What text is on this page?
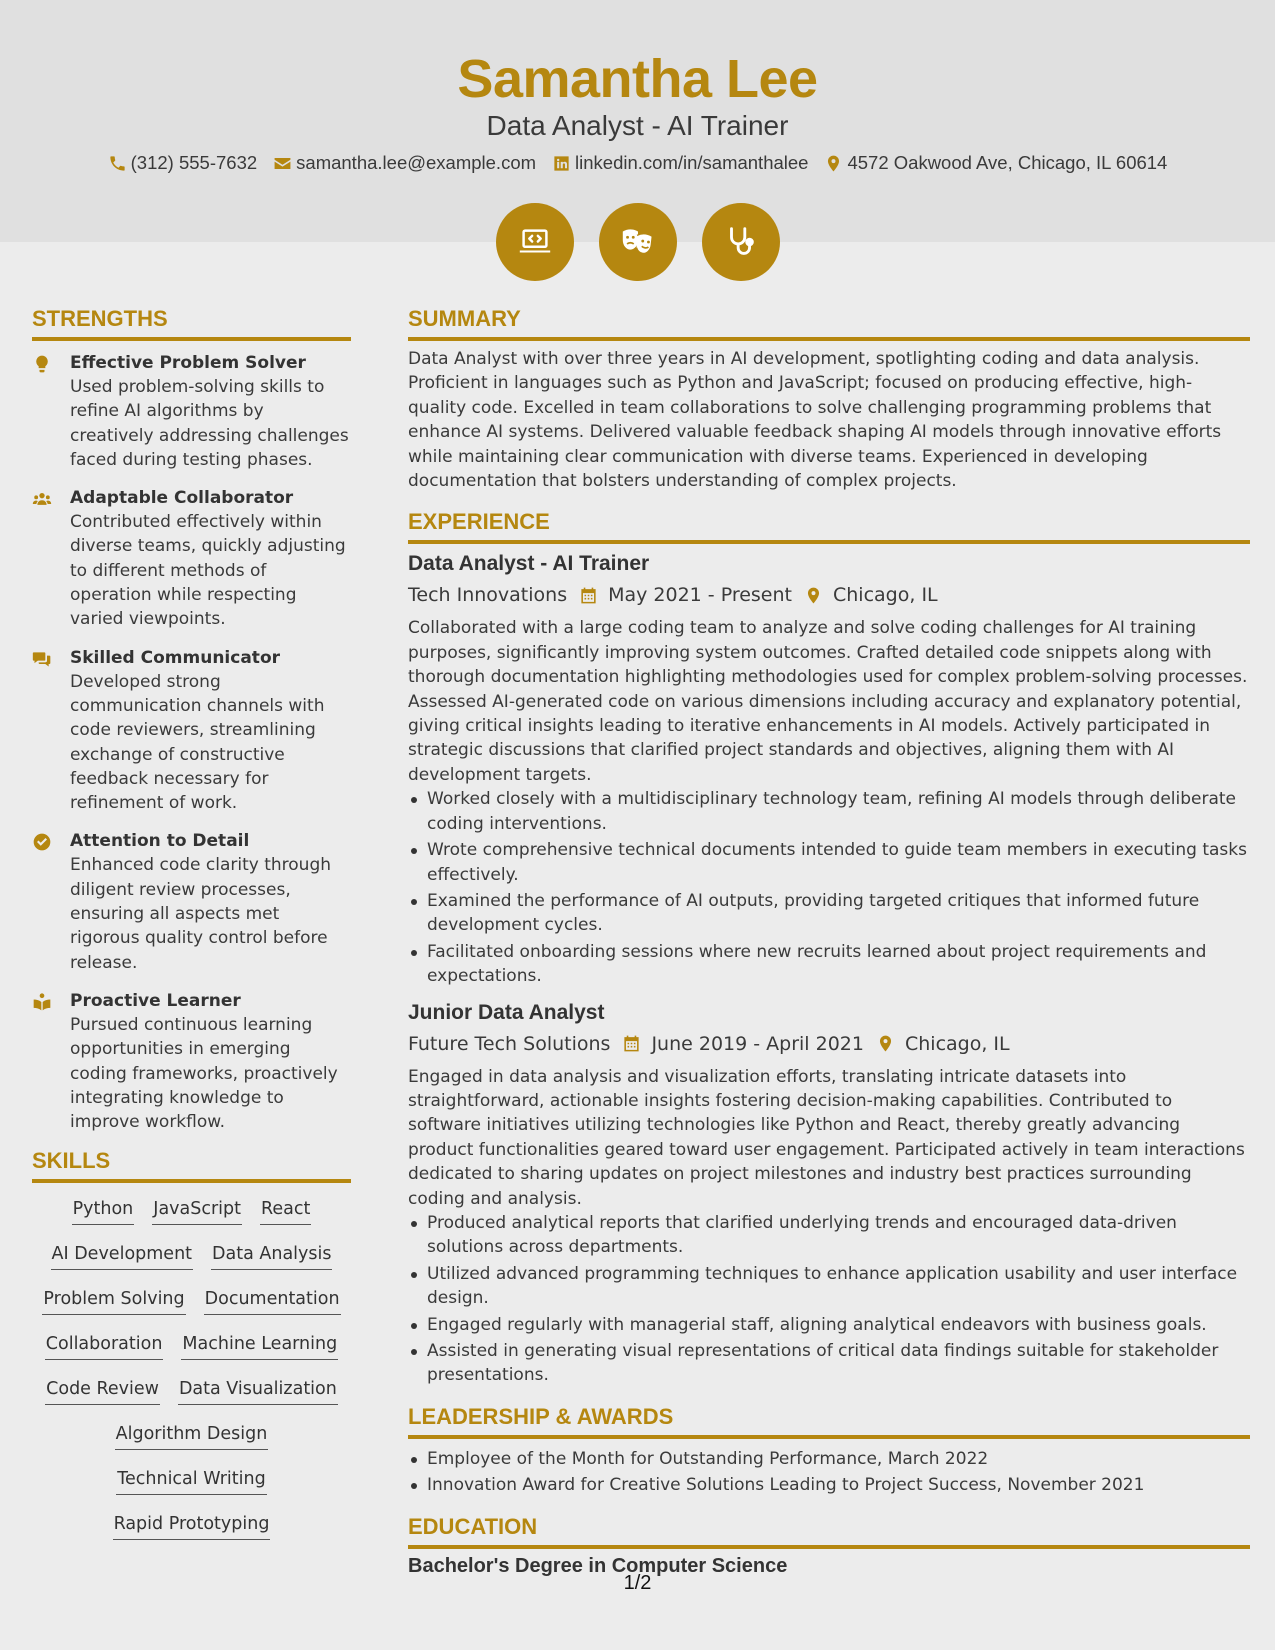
Samantha Lee
Data Analyst - AI Trainer
(312) 555-7632 samantha.lee@example.com linkedin.com/in/samanthalee 4572 Oakwood Ave, Chicago, IL 60614
STRENGTHS
Effective Problem Solver
Used problem-solving skills to refine AI algorithms by creatively addressing challenges faced during testing phases.
Adaptable Collaborator
Contributed effectively within diverse teams, quickly adjusting to different methods of operation while respecting varied viewpoints.
Skilled Communicator
Developed strong communication channels with code reviewers, streamlining exchange of constructive feedback necessary for refinement of work.
Attention to Detail
Enhanced code clarity through diligent review processes, ensuring all aspects met rigorous quality control before release.
Proactive Learner
Pursued continuous learning opportunities in emerging coding frameworks, proactively integrating knowledge to improve workflow.
SKILLS
Python JavaScript React
AI Development Data Analysis
Problem Solving Documentation
Collaboration Machine Learning
Code Review Data Visualization
Algorithm Design
Technical Writing
Rapid Prototyping
SUMMARY
Data Analyst with over three years in AI development, spotlighting coding and data analysis. Proficient in languages such as Python and JavaScript; focused on producing effective, high-quality code. Excelled in team collaborations to solve challenging programming problems that enhance AI systems. Delivered valuable feedback shaping AI models through innovative efforts while maintaining clear communication with diverse teams. Experienced in developing documentation that bolsters understanding of complex projects.
EXPERIENCE
Data Analyst - AI Trainer
Tech Innovations May 2021 - Present Chicago, IL
Collaborated with a large coding team to analyze and solve coding challenges for AI training purposes, significantly improving system outcomes. Crafted detailed code snippets along with thorough documentation highlighting methodologies used for complex problem-solving processes. Assessed AI-generated code on various dimensions including accuracy and explanatory potential, giving critical insights leading to iterative enhancements in AI models. Actively participated in strategic discussions that clarified project standards and objectives, aligning them with AI development targets.
Worked closely with a multidisciplinary technology team, refining AI models through deliberate coding interventions.
Wrote comprehensive technical documents intended to guide team members in executing tasks effectively.
Examined the performance of AI outputs, providing targeted critiques that informed future development cycles.
Facilitated onboarding sessions where new recruits learned about project requirements and expectations.
Junior Data Analyst
Future Tech Solutions June 2019 - April 2021 Chicago, IL
Engaged in data analysis and visualization efforts, translating intricate datasets into straightforward, actionable insights fostering decision-making capabilities. Contributed to software initiatives utilizing technologies like Python and React, thereby greatly advancing product functionalities geared toward user engagement. Participated actively in team interactions dedicated to sharing updates on project milestones and industry best practices surrounding coding and analysis.
Produced analytical reports that clarified underlying trends and encouraged data-driven solutions across departments.
Utilized advanced programming techniques to enhance application usability and user interface design.
Engaged regularly with managerial staff, aligning analytical endeavors with business goals.
Assisted in generating visual representations of critical data findings suitable for stakeholder presentations.
LEADERSHIP & AWARDS
Employee of the Month for Outstanding Performance, March 2022
Innovation Award for Creative Solutions Leading to Project Success, November 2021
EDUCATION
Bachelor's Degree in Computer Science
1/2
